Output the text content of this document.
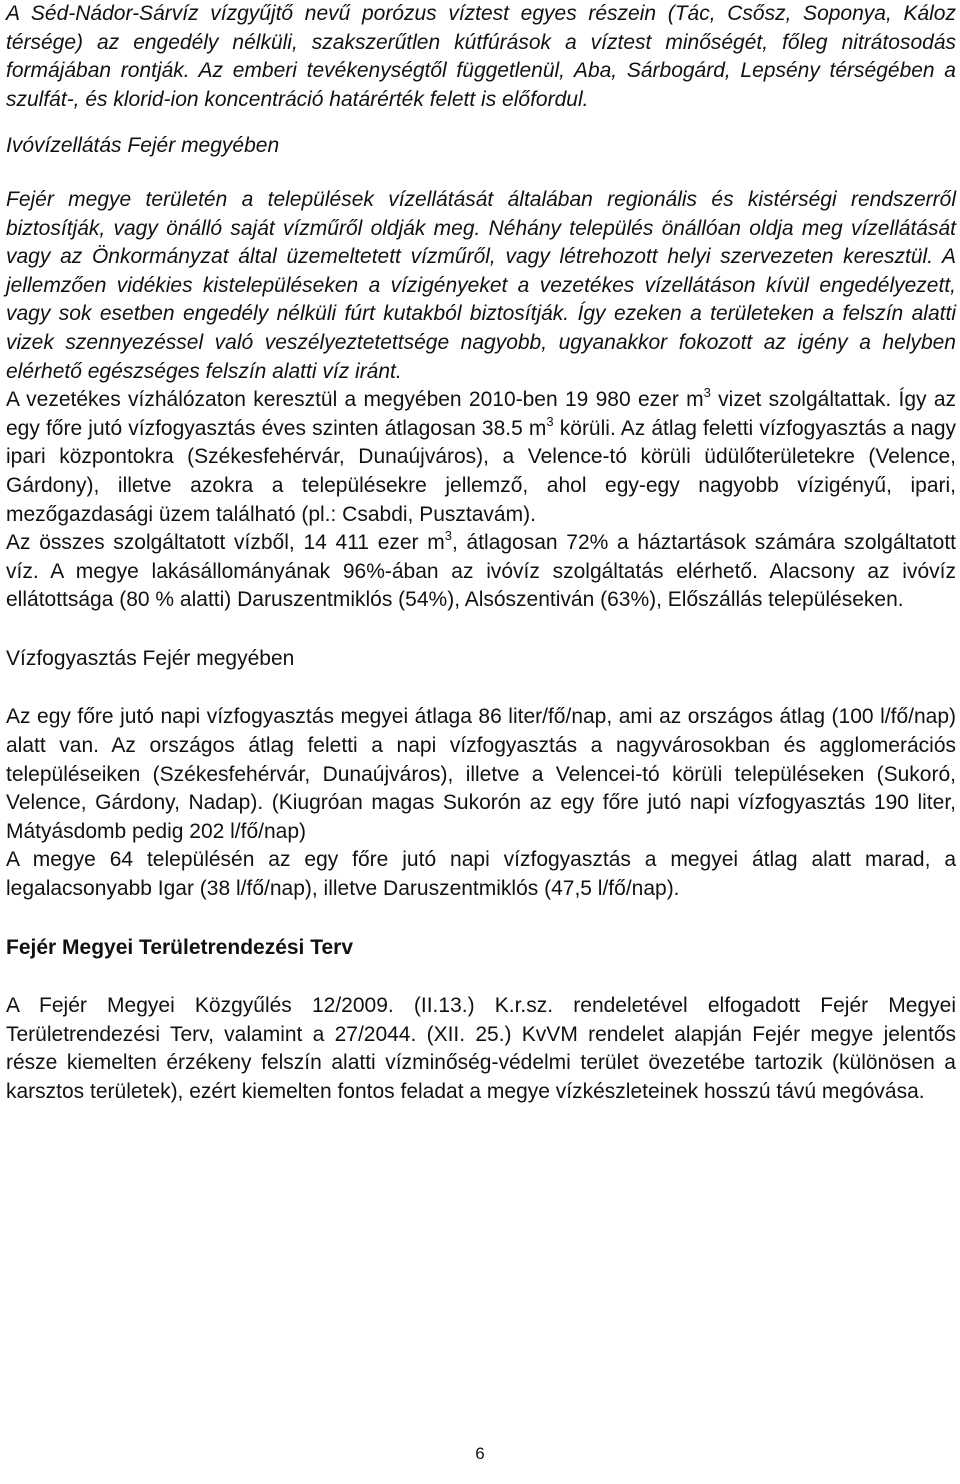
A Séd-Nádor-Sárvíz vízgyűjtő nevű porózus víztest egyes részein (Tác, Csősz, Soponya, Káloz térsége) az engedély nélküli, szakszerűtlen kútfúrások a víztest minőségét, főleg nitrátosodás formájában rontják. Az emberi tevékenységtől függetlenül, Aba, Sárbogárd, Lepsény térségében a szulfát-, és klorid-ion koncentráció határérték felett is előfordul.

Ivóvízellátás Fejér megyében

Fejér megye területén a települések vízellátását általában regionális és kistérségi rendszerről biztosítják, vagy önálló saját vízműről oldják meg. Néhány település önállóan oldja meg vízellátását vagy az Önkormányzat által üzemeltetett vízműről, vagy létrehozott helyi szervezeten keresztül. A jellemzően vidékies kistelepüléseken a vízigényeket a vezetékes vízellátáson kívül engedélyezett, vagy sok esetben engedély nélküli fúrt kutakból biztosítják. Így ezeken a területeken a felszín alatti vizek szennyezéssel való veszélyeztetettsége nagyobb, ugyanakkor fokozott az igény a helyben elérhető egészséges felszín alatti víz iránt.

A vezetékes vízhálózaton keresztül a megyében 2010-ben 19 980 ezer $m^3$ vizet szolgáltattak. Így az egy főre jutó vízfogyasztás éves szinten átlagosan 38.5 $m^3$ körüli. Az átlag feletti vízfogyasztás a nagy ipari központokra (Székesfehérvár, Dunaújváros), a Velence-tó körüli üdülőterületekre (Velence, Gárdony), illetve azokra a településekre jellemző, ahol egy-egy nagyobb vízigényű, ipari, mezőgazdasági üzem található (pl.: Csabdi, Pusztavám).

Az összes szolgáltatott vízből, 14 411 ezer $m^3$, átlagosan 72% a háztartások számára szolgáltatott víz. A megye lakásállományának 96%-ában az ivóvíz szolgáltatás elérhető. Alacsony az ivóvíz ellátottsága (80 % alatti) Daruszentmiklós (54%), Alsószentiván (63%), Előszállás településeken.

Vízfogyasztás Fejér megyében

Az egy főre jutó napi vízfogyasztás megyei átlaga 86 liter/fő/nap, ami az országos átlag (100 l/fő/nap) alatt van. Az országos átlag feletti a napi vízfogyasztás a nagyvárosokban és agglomerációs településeiken (Székesfehérvár, Dunaújváros), illetve a Velencei-tó körüli településeken (Sukoró, Velence, Gárdony, Nadap). (Kiugróan magas Sukorón az egy főre jutó napi vízfogyasztás 190 liter, Mátyásdomb pedig 202 l/fő/nap)

A megye 64 településén az egy főre jutó napi vízfogyasztás a megyei átlag alatt marad, a legalacsonyabb Igar (38 l/fő/nap), illetve Daruszentmiklós (47,5 l/fő/nap).

Fejér Megyei Területrendezési Terv

A Fejér Megyei Közgyűlés 12/2009. (II.13.) K.r.sz. rendeletével elfogadott Fejér Megyei Területrendezési Terv, valamint a 27/2044. (XII. 25.) KvVM rendelet alapján Fejér megye jelentős része kiemelten érzékeny felszín alatti vízminőség-védelmi terület övezetébe tartozik (különösen a karsztos területek), ezért kiemelten fontos feladat a megye vízkészleteinek hosszú távú megóvása.

6
